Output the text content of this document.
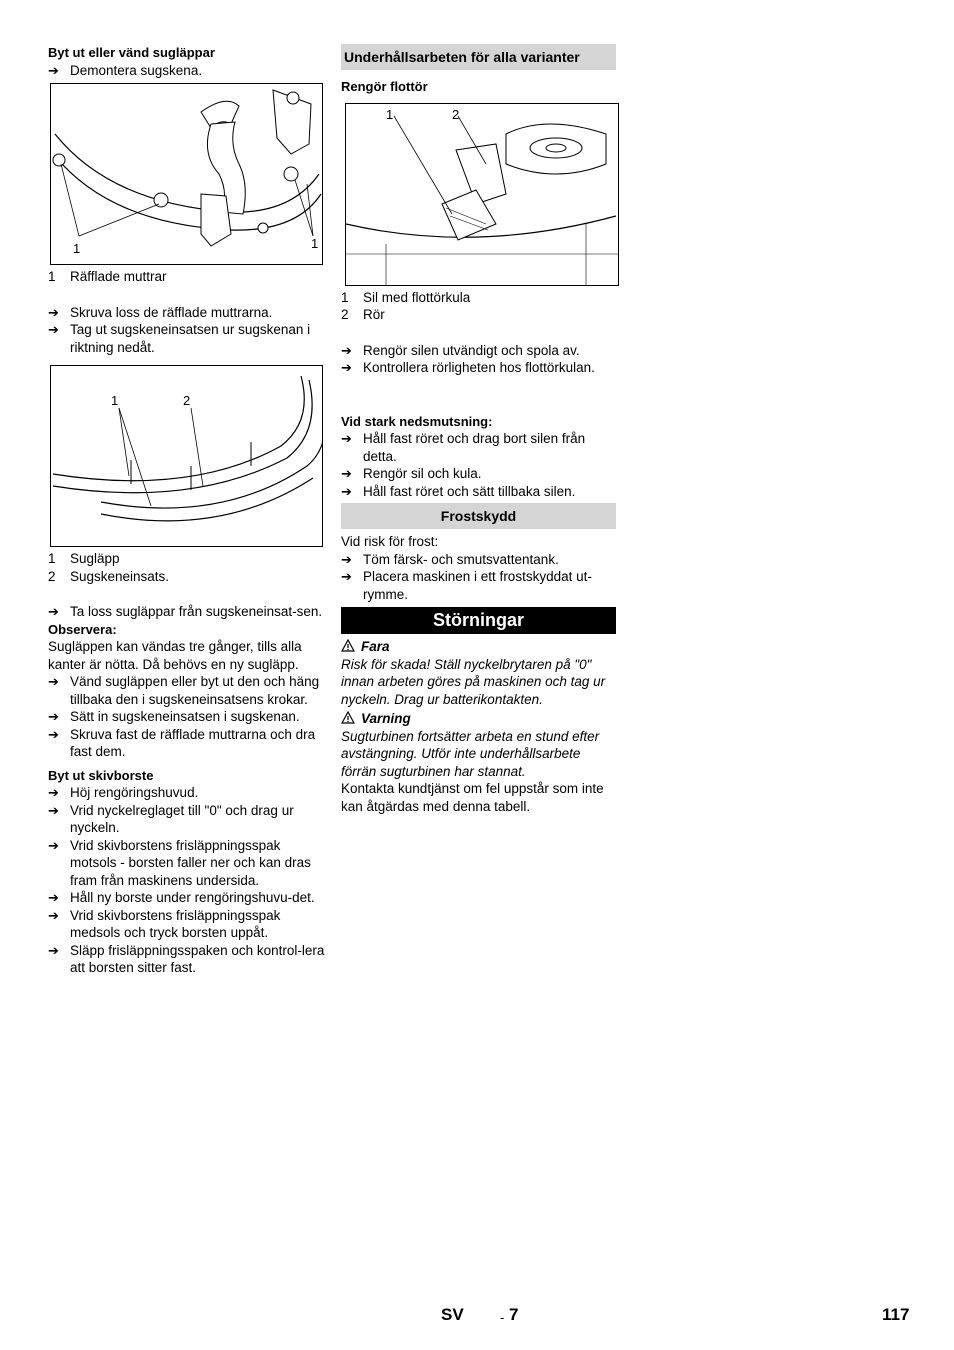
Byt ut eller vänd sugläppar

➔ Demontera sugskena.

1	1

1 Räfflade muttrar

➔ Skruva loss de räfflade muttrarna.

➔ Tag ut sugskeneinsatsen ur sugskenan i riktning nedåt.

1	2

1 Sugläpp

2 Sugskeneinsats.

➔ Ta loss sugläppar från sugskeneinsat-sen.

Observera:

Sugläppen kan vändas tre gånger, tills alla kanter är nötta. Då behövs en ny sugläpp.

➔ Vänd sugläppen eller byt ut den och häng tillbaka den i sugskeneinsatsens krokar.

➔ Sätt in sugskeneinsatsen i sugskenan.

➔ Skruva fast de räfflade muttrarna och dra fast dem.

Byt ut skivborste

➔ Höj rengöringshuvud.

➔ Vrid nyckelreglaget till "0" och drag ur nyckeln.

➔ Vrid skivborstens frisläppningsspak motsols - borsten faller ner och kan dras fram från maskinens undersida.

➔ Håll ny borste under rengöringshuvu-det.

➔ Vrid skivborstens frisläppningsspak medsols och tryck borsten uppåt.

➔ Släpp frisläppningsspaken och kontrol-lera att borsten sitter fast.

Underhållsarbeten för alla varianter

Rengör flottör

1	2

1 Sil med flottörkula

2 Rör

➔ Rengör silen utvändigt och spola av.

➔ Kontrollera rörligheten hos flottörkulan.

Vid stark nedsmutsning:

➔ Håll fast röret och drag bort silen från detta.

➔ Rengör sil och kula.

➔ Håll fast röret och sätt tillbaka silen.

Frostskydd

Vid risk för frost:

➔ Töm färsk- och smutsvattentank.

➔ Placera maskinen i ett frostskyddat ut-rymme.

Störningar

Fara

Risk för skada! Ställ nyckelbrytaren på "0" innan arbeten göres på maskinen och tag ur nyckeln. Drag ur batterikontakten.

Varning

Sugturbinen fortsätter arbeta en stund efter avstängning. Utför inte underhållsarbete förrän sugturbinen har stannat.

Kontakta kundtjänst om fel uppstår som inte kan åtgärdas med denna tabell.

SV	- 7	117
